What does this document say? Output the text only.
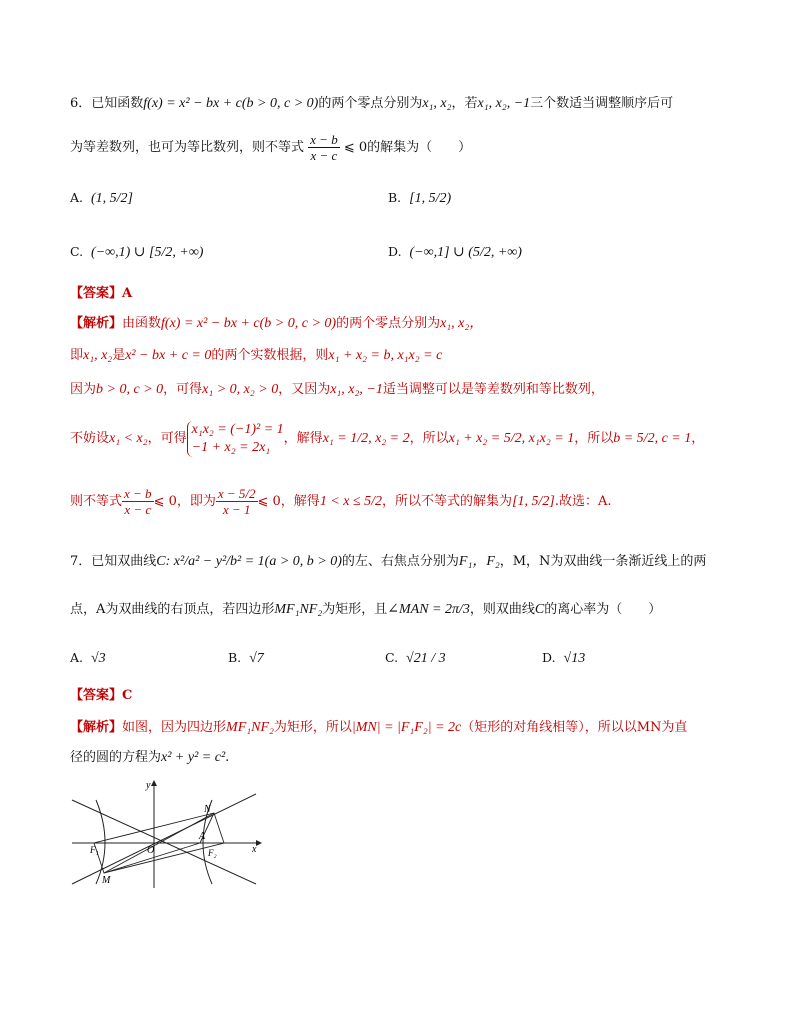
6．已知函数f(x) = x² − bx + c(b > 0, c > 0)的两个零点分别为x₁, x₂，若x₁, x₂, −1三个数适当调整顺序后可
为等差数列，也可为等比数列，则不等式 $\frac{x - b}{x - c}$ ⩽ 0的解集为（　　）
A. (1, 5/2]	B. [1, 5/2)
C. (−∞,1) ∪ [5/2, +∞)	D. (−∞,1] ∪ (5/2, +∞)
【答案】A
【解析】由函数f(x) = x² − bx + c(b > 0, c > 0)的两个零点分别为x₁, x₂，
即x₁, x₂是x² − bx + c = 0的两个实数根据，则x₁ + x₂ = b, x₁x₂ = c
因为b > 0, c > 0，可得x₁ > 0, x₂ > 0，又因为x₁, x₂, −1适当调整可以是等差数列和等比数列，
不妨设x₁ < x₂，可得
x₁x₂ = (−1)² = 1
−1 + x₂ = 2x₁
，解得x₁ = 1/2, x₂ = 2，所以x₁ + x₂ = 5/2, x₁x₂ = 1，所以b = 5/2, c = 1，
则不等式 $\frac{x - b}{x - c}$ ⩽ 0，即为 $\frac{x - 5/2}{x - 1}$ ⩽ 0，解得1 < x ≤ 5/2，所以不等式的解集为[1, 5/2].故选：A.
7．已知双曲线C: x²/a² − y²/b² = 1(a > 0, b > 0)的左、右焦点分别为F₁，F₂，M，N为双曲线一条渐近线上的两
点，A为双曲线的右顶点，若四边形MF₁NF₂为矩形，且∠MAN = 2π/3，则双曲线C的离心率为（　　）
A. √3	B. √7	C. √21 / 3	D. √13
【答案】C
【解析】如图，因为四边形MF₁NF₂为矩形，所以|MN| = |F₁F₂| = 2c（矩形的对角线相等），所以以MN为直
径的圆的方程为x² + y² = c².
y
x
N
A
O
F₁	F₂
M
